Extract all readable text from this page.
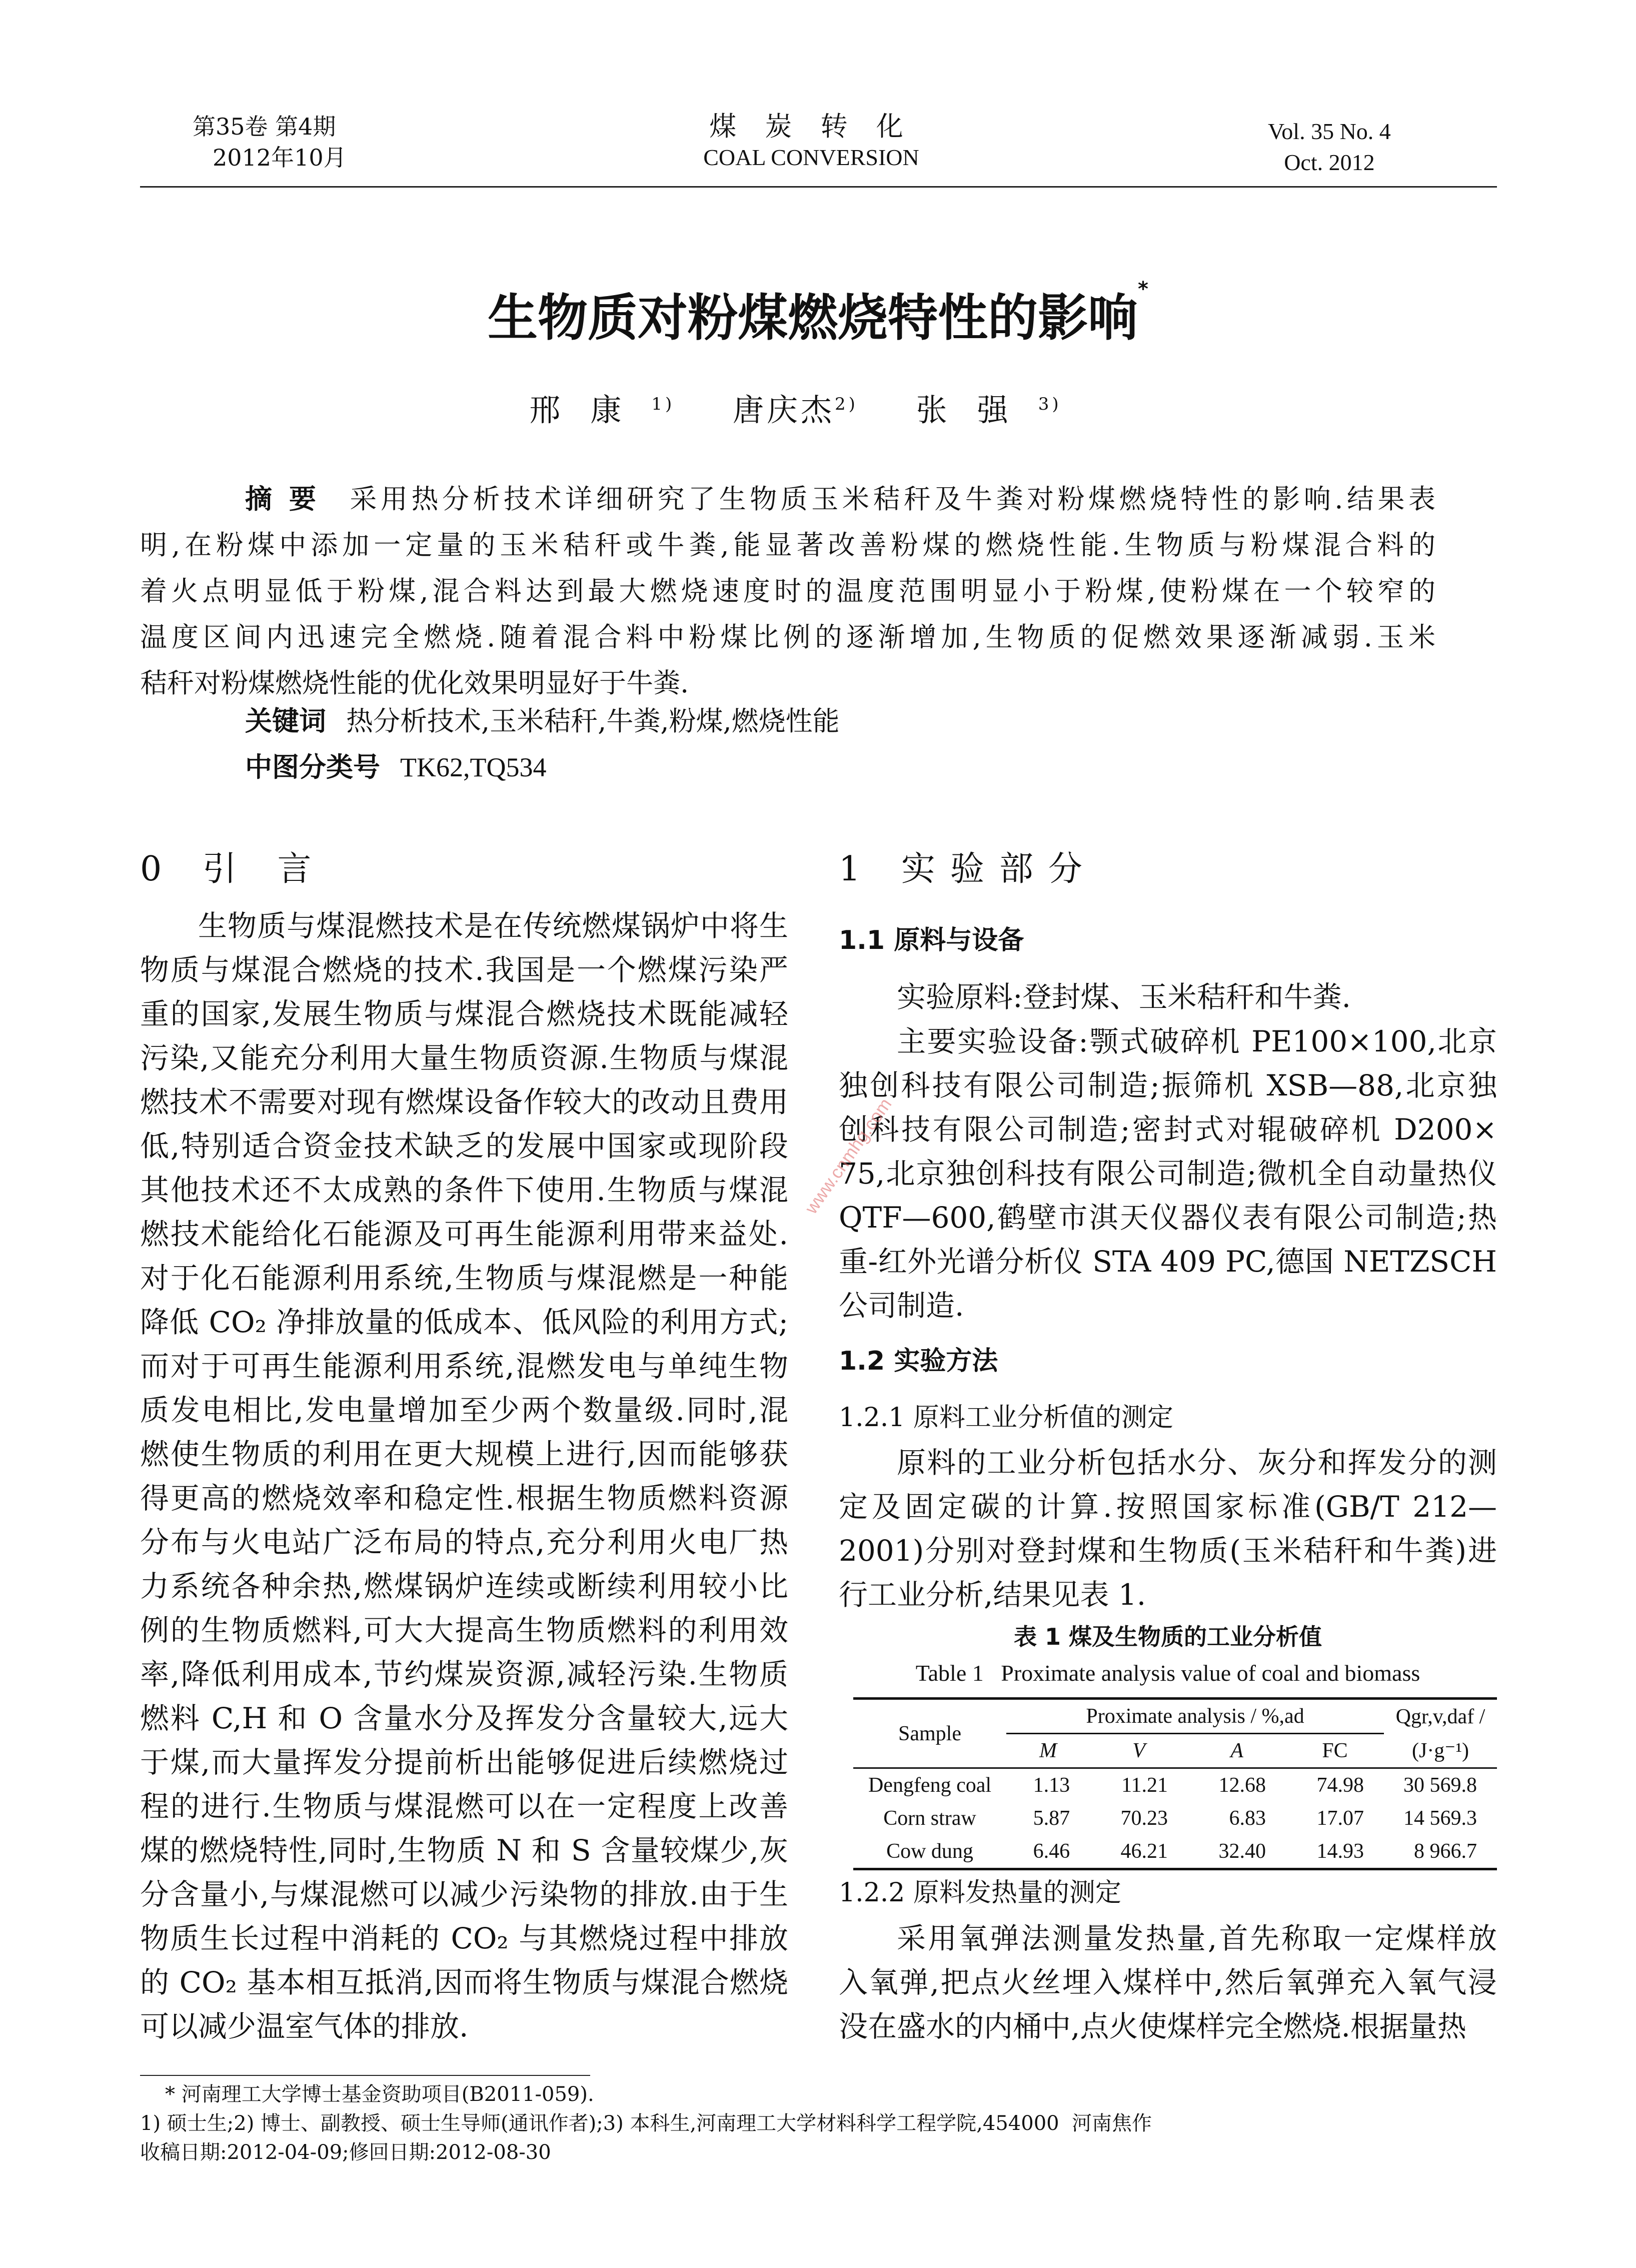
第35卷 第4期
2012年10月
煤 炭 转 化
COAL CONVERSION
Vol. 35 No. 4
Oct. 2012
生物质对粉煤燃烧特性的影响*
邢康$^{1)}$ 唐庆杰$^{2)}$ 张强$^{3)}$
摘 要 采用热分析技术详细研究了生物质玉米秸秆及牛粪对粉煤燃烧特性的影响.结果表
明,在粉煤中添加一定量的玉米秸秆或牛粪,能显著改善粉煤的燃烧性能.生物质与粉煤混合料的
着火点明显低于粉煤,混合料达到最大燃烧速度时的温度范围明显小于粉煤,使粉煤在一个较窄的
温度区间内迅速完全燃烧.随着混合料中粉煤比例的逐渐增加,生物质的促燃效果逐渐减弱.玉米
秸秆对粉煤燃烧性能的优化效果明显好于牛粪.
关键词 热分析技术,玉米秸秆,牛粪,粉煤,燃烧性能
中图分类号 TK62,TQ534
0 引 言
生物质与煤混燃技术是在传统燃煤锅炉中将生
物质与煤混合燃烧的技术.我国是一个燃煤污染严
重的国家,发展生物质与煤混合燃烧技术既能减轻
污染,又能充分利用大量生物质资源.生物质与煤混
燃技术不需要对现有燃煤设备作较大的改动且费用
低,特别适合资金技术缺乏的发展中国家或现阶段
其他技术还不太成熟的条件下使用.生物质与煤混
燃技术能给化石能源及可再生能源利用带来益处.
对于化石能源利用系统,生物质与煤混燃是一种能
降低 CO₂ 净排放量的低成本、低风险的利用方式;
而对于可再生能源利用系统,混燃发电与单纯生物
质发电相比,发电量增加至少两个数量级.同时,混
燃使生物质的利用在更大规模上进行,因而能够获
得更高的燃烧效率和稳定性.根据生物质燃料资源
分布与火电站广泛布局的特点,充分利用火电厂热
力系统各种余热,燃煤锅炉连续或断续利用较小比
例的生物质燃料,可大大提高生物质燃料的利用效
率,降低利用成本,节约煤炭资源,减轻污染.生物质
燃料 C,H 和 O 含量水分及挥发分含量较大,远大
于煤,而大量挥发分提前析出能够促进后续燃烧过
程的进行.生物质与煤混燃可以在一定程度上改善
煤的燃烧特性,同时,生物质 N 和 S 含量较煤少,灰
分含量小,与煤混燃可以减少污染物的排放.由于生
物质生长过程中消耗的 CO₂ 与其燃烧过程中排放
的 CO₂ 基本相互抵消,因而将生物质与煤混合燃烧
可以减少温室气体的排放.
1 实验部分
1.1 原料与设备
实验原料:登封煤、玉米秸秆和牛粪.
主要实验设备:颚式破碎机 PE100×100,北京
独创科技有限公司制造;振筛机 XSB—88,北京独
创科技有限公司制造;密封式对辊破碎机 D200×
75,北京独创科技有限公司制造;微机全自动量热仪
QTF—600,鹤壁市淇天仪器仪表有限公司制造;热
重-红外光谱分析仪 STA 409 PC,德国 NETZSCH
公司制造.
1.2 实验方法
1.2.1 原料工业分析值的测定
原料的工业分析包括水分、灰分和挥发分的测
定及固定碳的计算.按照国家标准(GB/T 212—
2001)分别对登封煤和生物质(玉米秸秆和牛粪)进
行工业分析,结果见表 1.
表 1 煤及生物质的工业分析值
Table 1   Proximate analysis value of coal and biomass
Sample	Proximate analysis / %,ad				Qgr,v,daf /
	M	V	A	FC	(J·g⁻¹)
Dengfeng coal	1.13	11.21	12.68	74.98	30 569.8
Corn straw	5.87	70.23	6.83	17.07	14 569.3
Cow dung	6.46	46.21	32.40	14.93	8 966.7
1.2.2 原料发热量的测定
采用氧弹法测量发热量,首先称取一定煤样放
入氧弹,把点火丝埋入煤样中,然后氧弹充入氧气浸
没在盛水的内桶中,点火使煤样完全燃烧.根据量热
www.cnmhg.com
* 河南理工大学博士基金资助项目(B2011-059).
1) 硕士生;2) 博士、副教授、硕士生导师(通讯作者);3) 本科生,河南理工大学材料科学工程学院,454000  河南焦作
收稿日期:2012-04-09;修回日期:2012-08-30
